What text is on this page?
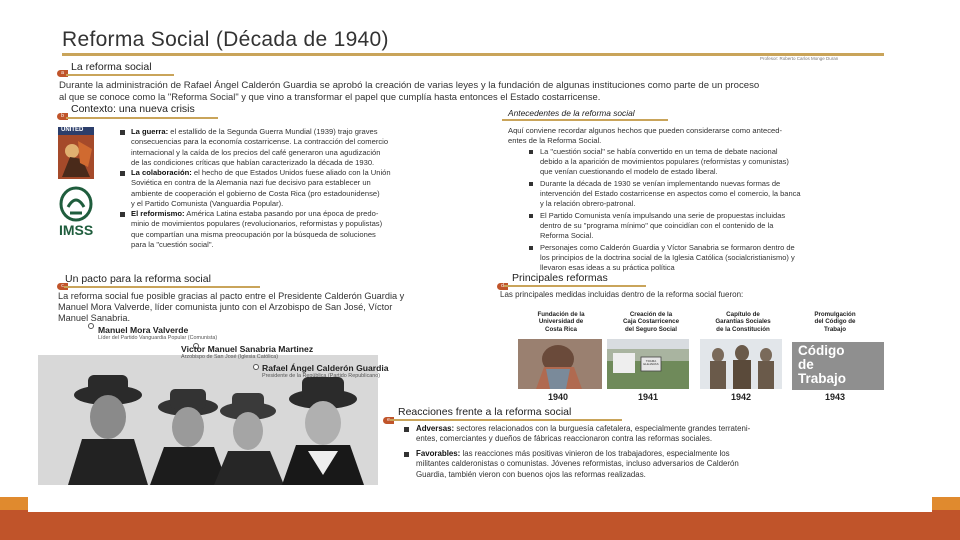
Reforma Social (Década de 1940)
Profesor: Roberto Carlos Monge Duran
a La reforma social
Durante la administración de Rafael Ángel Calderón Guardia se aprobó la creación de varias leyes y la fundación de algunas instituciones como parte de un proceso
al que se conoce como la "Reforma Social" y que vino a transformar el papel que cumplía hasta entonces el Estado costarricense.
b
Contexto: una nueva crisis
UNITED
IMSS
La guerra: el estallido de la Segunda Guerra Mundial (1939) trajo graves
consecuencias para la economía costarricense. La contracción del comercio
internacional y la caída de los precios del café generaron una agudización
de las condiciones críticas que habían caracterizado la década de 1930.
La colaboración: el hecho de que Estados Unidos fuese aliado con la Unión
Soviética en contra de la Alemania nazi fue decisivo para establecer un
ambiente de cooperación el gobierno de Costa Rica (pro estadounidense)
y el Partido Comunista (Vanguardia Popular).
El reformismo: América Latina estaba pasando por una época de predo-
minio de movimientos populares (revolucionarios, reformistas y populistas)
que compartían una misma preocupación por la búsqueda de soluciones
para la "cuestión social".
Antecedentes de la reforma social
Aquí conviene recordar algunos hechos que pueden considerarse como anteced-
entes de la Reforma Social.
La "cuestión social" se había convertido en un tema de debate nacional
debido a la aparición de movimientos populares (reformistas y comunistas)
que venían cuestionando el modelo de estado liberal.
Durante la década de 1930 se venían implementando nuevas formas de
intervención del Estado costarricense en aspectos como el comercio, la banca
y la relación obrero-patronal.
El Partido Comunista venía impulsando una serie de propuestas incluidas
dentro de su "programa mínimo" que coincidían con el contenido de la
Reforma Social.
Personajes como Calderón Guardia y Víctor Sanabria se formaron dentro de
los principios de la doctrina social de la Iglesia Católica (socialcristianismo) y
llevaron esas ideas a su práctica política
c
Un pacto para la reforma social
La reforma social fue posible gracias al pacto entre el Presidente Calderón Guardia y
Manuel Mora Valverde, líder comunista junto con el Arzobispo de San José, Víctor
Manuel Sanabria.
Manuel Mora Valverde
Líder del Partido Vanguardia Popular (Comunista)
Victor Manuel Sanabria Martinez
Arzobispo de San José (Iglesia Católica)
Rafael Ángel Calderón Guardia
Presidente de la República (Partido Republicano)
d
Principales reformas
Las principales medidas incluidas dentro de la reforma social fueron:
Fundación de la
Universidad de
Costa Rica
1940
Creación de la
Caja Costarricence
del Seguro Social
1941
Capítulo de
Garantías Sociales
de la Constitución
1942
Promulgación
del Código de
Trabajo
1943
TRAMA ELEJARAS
Código
de
Trabajo
e
Reacciones frente a la reforma social
Adversas: sectores relacionados con la burguesía cafetalera, especialmente grandes terrateni-
entes, comerciantes y dueños de fábricas reaccionaron contra las reformas sociales.
Favorables: las reacciones más positivas vinieron de los trabajadores, especialmente los
militantes calderonistas o comunistas. Jóvenes reformistas, incluso adversarios de Calderón
Guardia, también vieron con buenos ojos las reformas realizadas.
